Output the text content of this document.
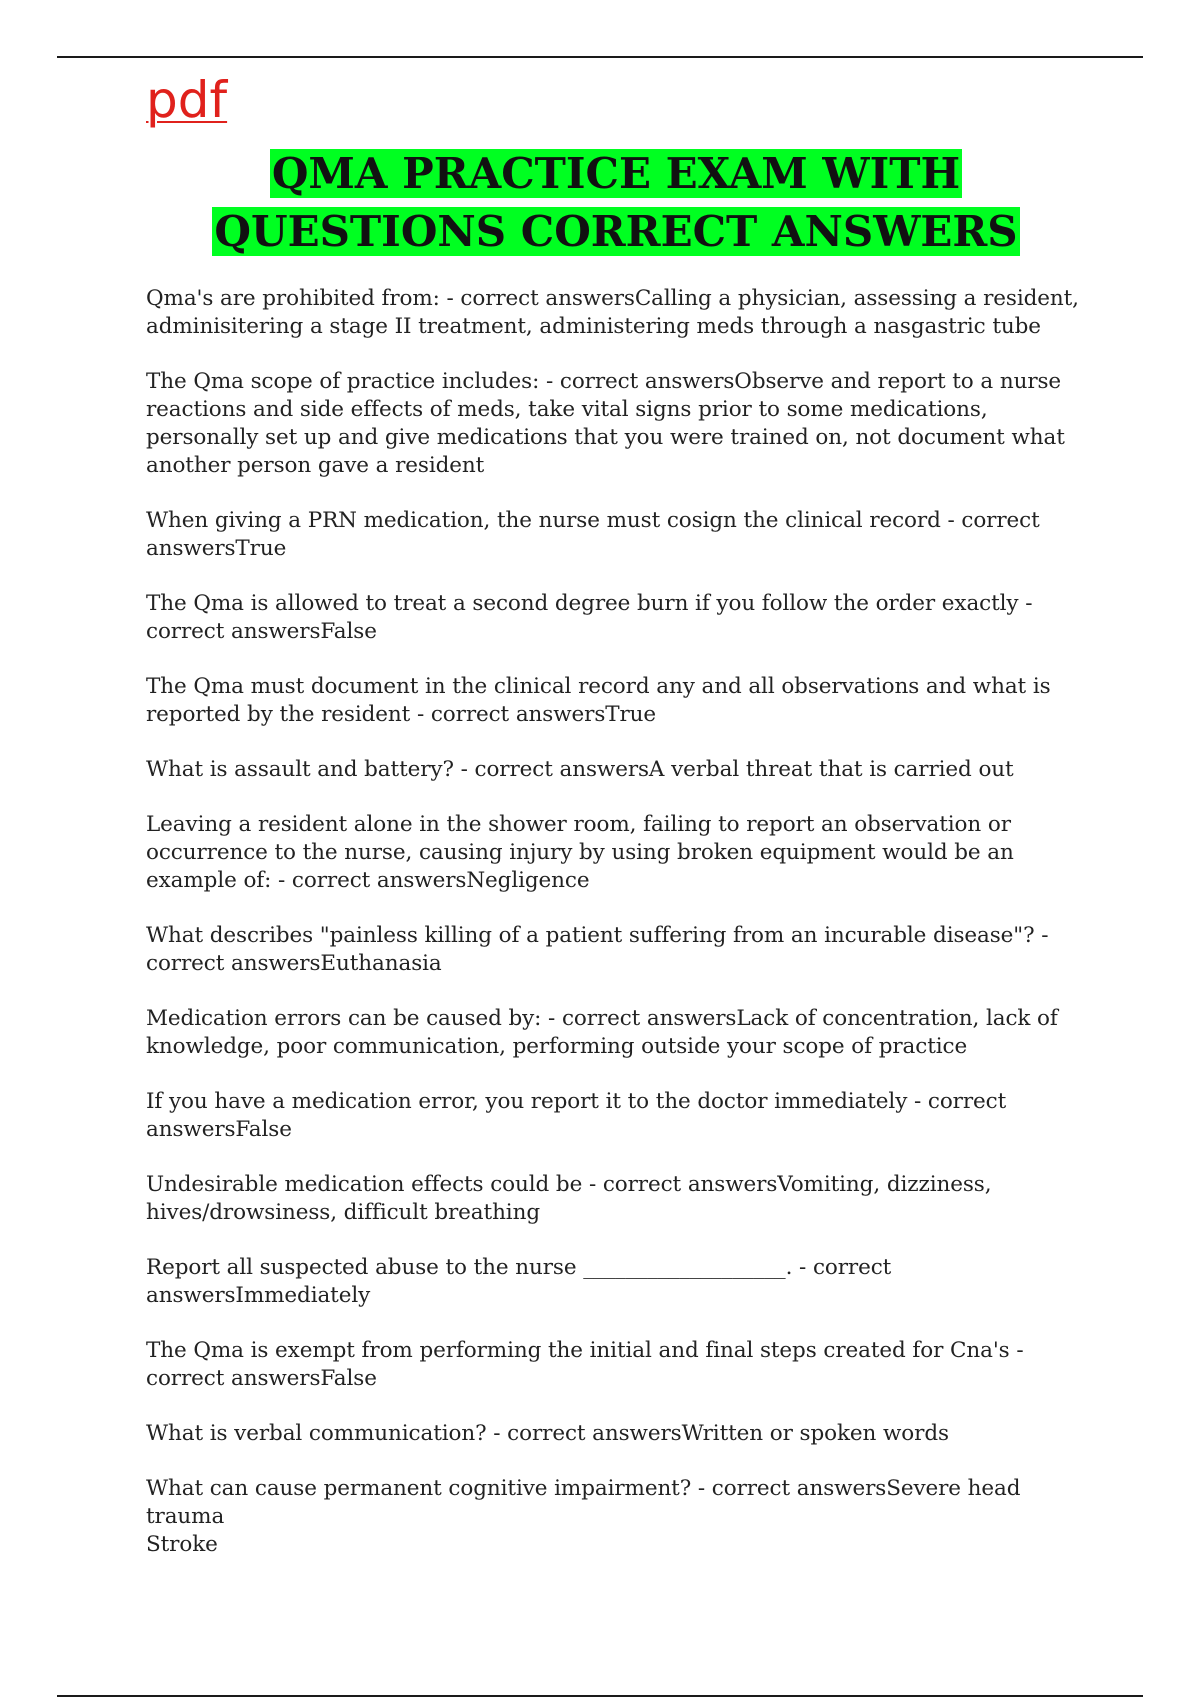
pdf
QMA PRACTICE EXAM WITH QUESTIONS CORRECT ANSWERS
Qma's are prohibited from: - correct answersCalling a physician, assessing a resident, adminisitering a stage II treatment, administering meds through a nasgastric tube
The Qma scope of practice includes: - correct answersObserve and report to a nurse reactions and side effects of meds, take vital signs prior to some medications, personally set up and give medications that you were trained on, not document what another person gave a resident
When giving a PRN medication, the nurse must cosign the clinical record - correct answersTrue
The Qma is allowed to treat a second degree burn if you follow the order exactly - correct answersFalse
The Qma must document in the clinical record any and all observations and what is reported by the resident - correct answersTrue
What is assault and battery? - correct answersA verbal threat that is carried out
Leaving a resident alone in the shower room, failing to report an observation or occurrence to the nurse, causing injury by using broken equipment would be an example of: - correct answersNegligence
What describes "painless killing of a patient suffering from an incurable disease"? - correct answersEuthanasia
Medication errors can be caused by: - correct answersLack of concentration, lack of knowledge, poor communication, performing outside your scope of practice
If you have a medication error, you report it to the doctor immediately - correct answersFalse
Undesirable medication effects could be - correct answersVomiting, dizziness, hives/drowsiness, difficult breathing
Report all suspected abuse to the nurse ___________________. - correct answersImmediately
The Qma is exempt from performing the initial and final steps created for Cna's - correct answersFalse
What is verbal communication? - correct answersWritten or spoken words
What can cause permanent cognitive impairment? - correct answersSevere head trauma
Stroke
